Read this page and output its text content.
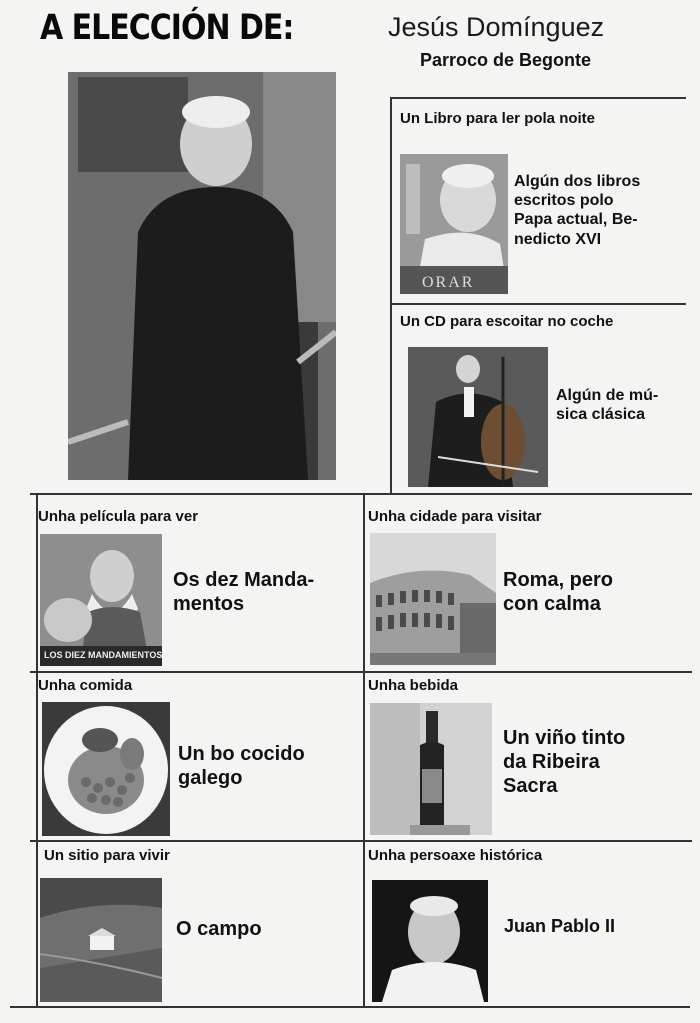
A ELECCIÓN DE:	Jesús Domínguez
Parroco de Begonte
Un Libro para ler pola noite
ORAR
Algún dos libros
escritos polo
Papa actual, Be-
nedicto XVI
Un CD para escoitar no coche
Algún de mú-
sica clásica
Unha película para ver
LOS DIEZ MANDAMIENTOS
Os dez Manda-
mentos
Unha cidade para visitar
Roma, pero
con calma
Unha comida
Un bo cocido
galego
Unha bebida
Un viño tinto
da Ribeira
Sacra
Un sitio para vivir
O campo
Unha persoaxe histórica
Juan Pablo II
